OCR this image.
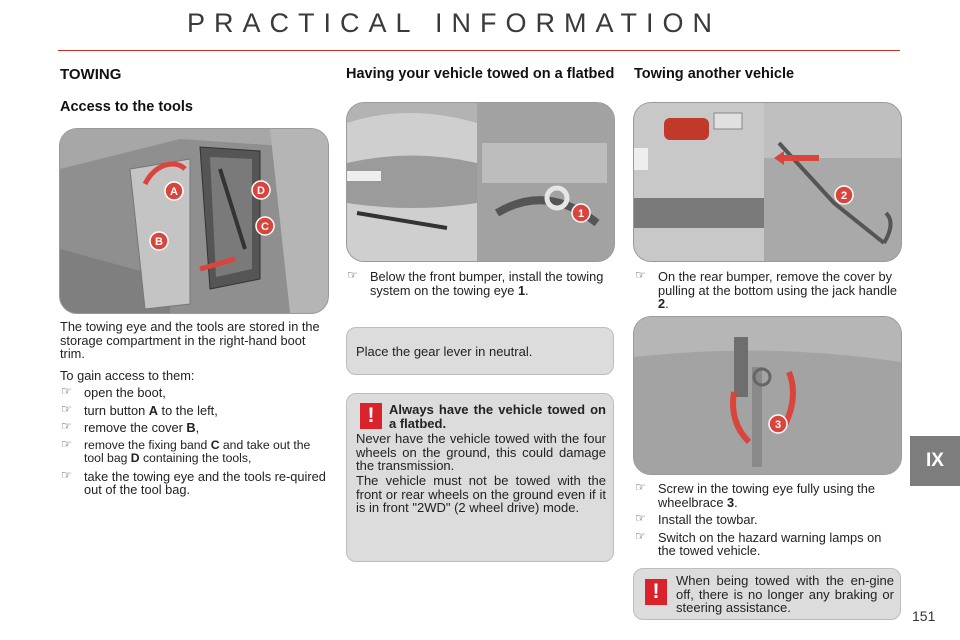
PRACTICAL INFORMATION
TOWING
Access to the tools
A
B
C
D
The towing eye and the tools are stored in the storage compartment in the right-hand boot trim.
To gain access to them:
☞ open the boot,
☞ turn button A to the left,
☞ remove the cover B,
☞ remove the fixing band C and take out the tool bag D containing the tools,
☞ take the towing eye and the tools re-quired out of the tool bag.
Having your vehicle towed on a flatbed
1
☞ Below the front bumper, install the towing system on the towing eye 1.
Place the gear lever in neutral.
!	Always have the vehicle towed on a flatbed.
Never have the vehicle towed with the four wheels on the ground, this could damage the transmission.
The vehicle must not be towed with the front or rear wheels on the ground even if it is in front "2WD" (2 wheel drive) mode.
Towing another vehicle
2
☞ On the rear bumper, remove the cover by pulling at the bottom using the jack handle 2.
3
☞ Screw in the towing eye fully using the wheelbrace 3.
☞ Install the towbar.
☞ Switch on the hazard warning lamps on the towed vehicle.
!	When being towed with the en-gine off, there is no longer any braking or steering assistance.
IX
151
